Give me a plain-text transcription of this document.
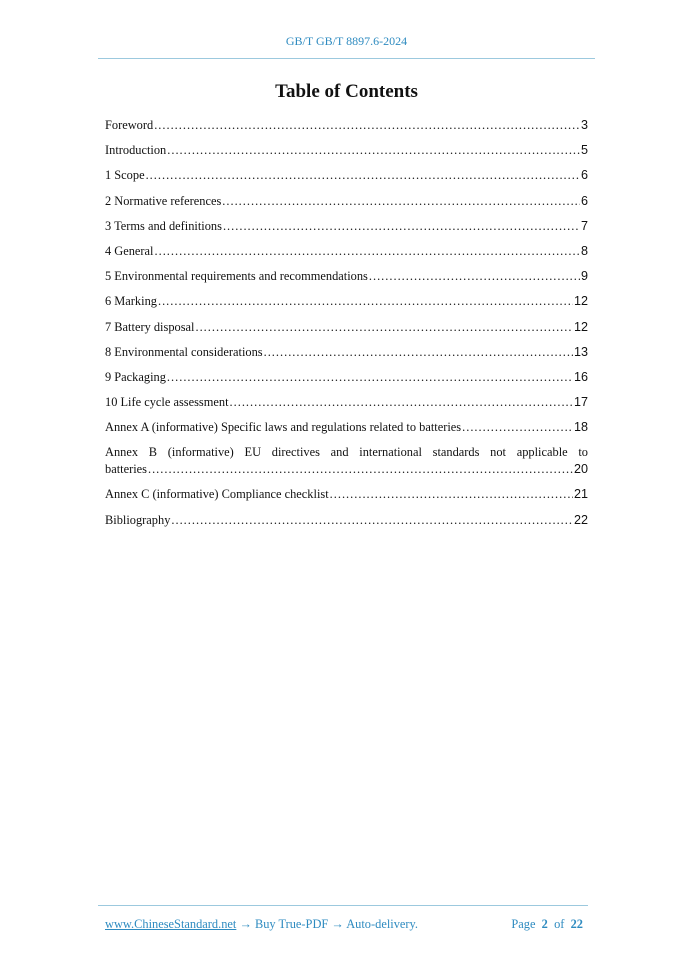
GB/T GB/T 8897.6-2024
Table of Contents
Foreword .....	3
Introduction .....	5
1 Scope .....	6
2 Normative references .....	6
3 Terms and definitions .....	7
4 General .....	8
5 Environmental requirements and recommendations .....	9
6 Marking .....	12
7 Battery disposal .....	12
8 Environmental considerations .....	13
9 Packaging .....	16
10 Life cycle assessment .....	17
Annex A (informative) Specific laws and regulations related to batteries .....	18
Annex B (informative) EU directives and international standards not applicable to
batteries .....	20
Annex C (informative) Compliance checklist .....	21
Bibliography .....	22
www.ChineseStandard.net → Buy True-PDF → Auto-delivery.	Page 2 of 22
